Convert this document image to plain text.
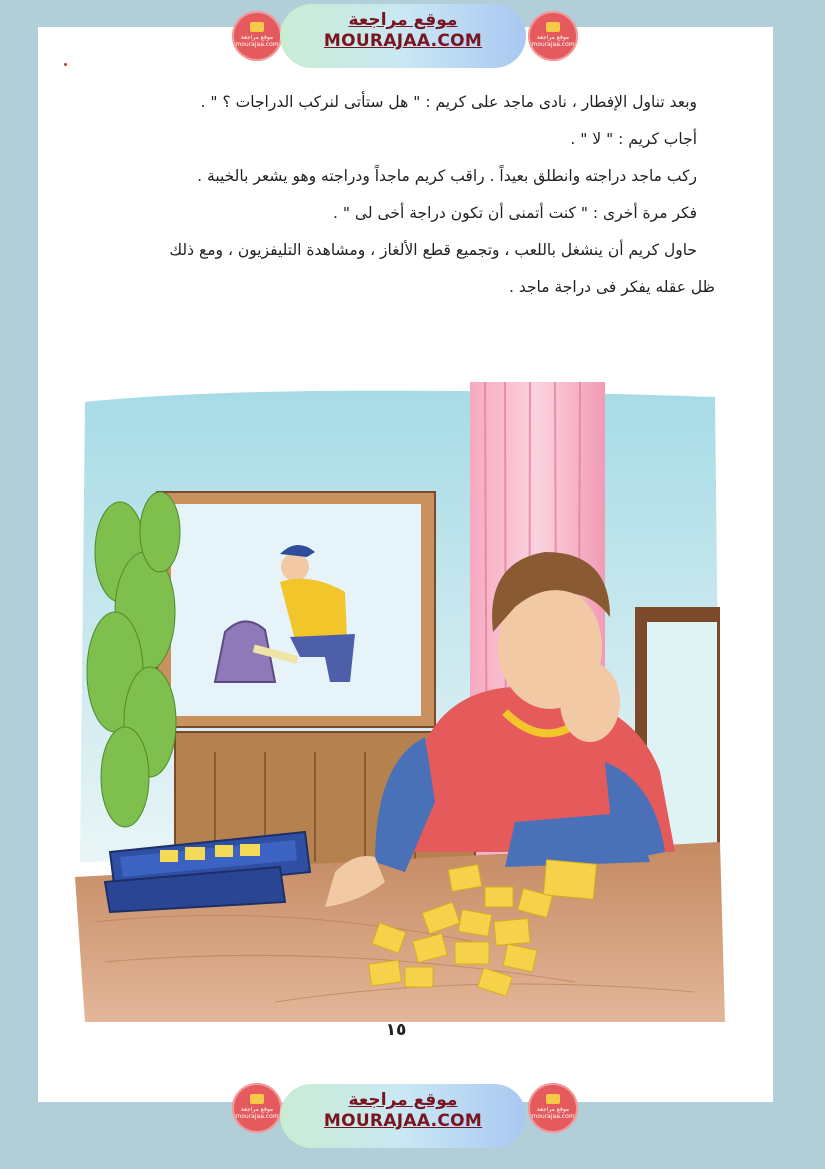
موقع مراجعة
mourajaa.com
موقع مراجعة
MOURAJAA.COM	موقع مراجعة
mourajaa.com

وبعد تناول الإفطار ، نادى ماجد على كريم : " هل ستأتى لنركب الدراجات ؟ " .

أجاب كريم : " لا " .

ركب ماجد دراجته وانطلق بعيداً . راقب كريم ماجداً ودراجته وهو يشعر بالخيبة .

فكر مرة أخرى : " كنت أتمنى أن تكون دراجة أخى لى " .

حاول كريم أن ينشغل باللعب ، وتجميع قطع الألغاز ، ومشاهدة التليفزيون ، ومع ذلك

ظل عقله يفكر فى دراجة ماجد .

١٥
موقع مراجعة
mourajaa.com
موقع مراجعة
MOURAJAA.COM
موقع مراجعة
mourajaa.com
